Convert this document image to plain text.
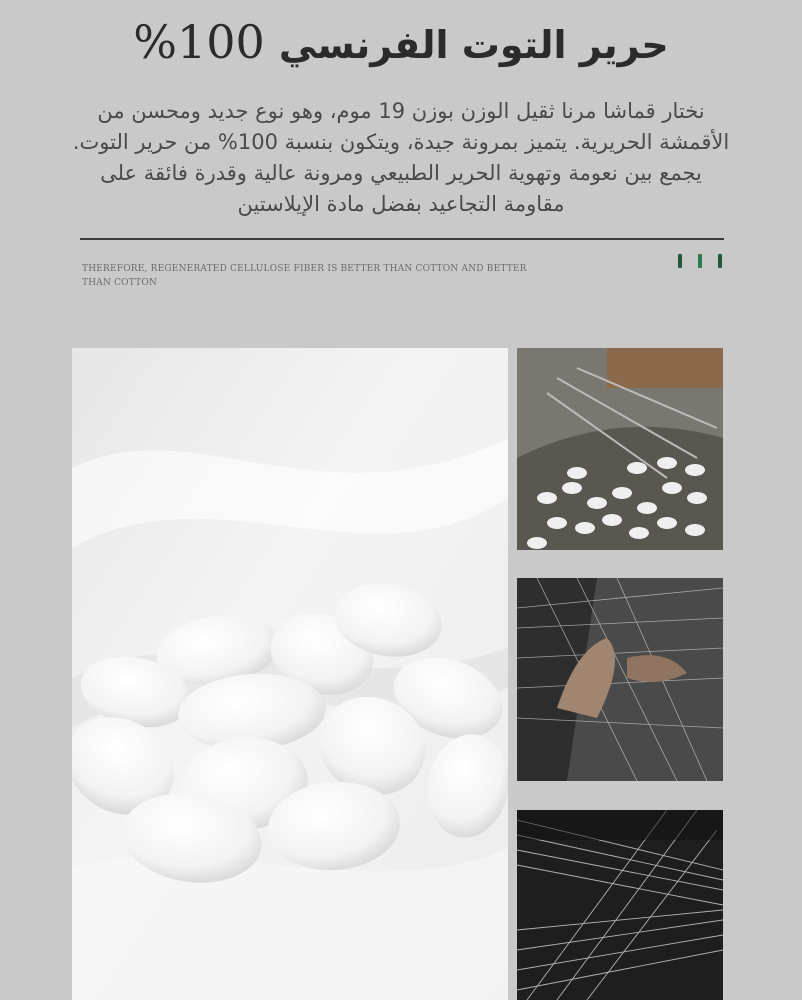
حرير التوت الفرنسي 100%
نختار قماشا مرنا ثقيل الوزن بوزن 19 موم، وهو نوع جديد ومحسن من الأقمشة الحريرية. يتميز بمرونة جيدة، ويتكون بنسبة 100% من حرير التوت. يجمع بين نعومة وتهوية الحرير الطبيعي ومرونة عالية وقدرة فائقة على مقاومة التجاعيد بفضل مادة الإيلاستين
THEREFORE, REGENERATED CELLULOSE FIBER IS BETTER THAN COTTON AND BETTER THAN COTTON
